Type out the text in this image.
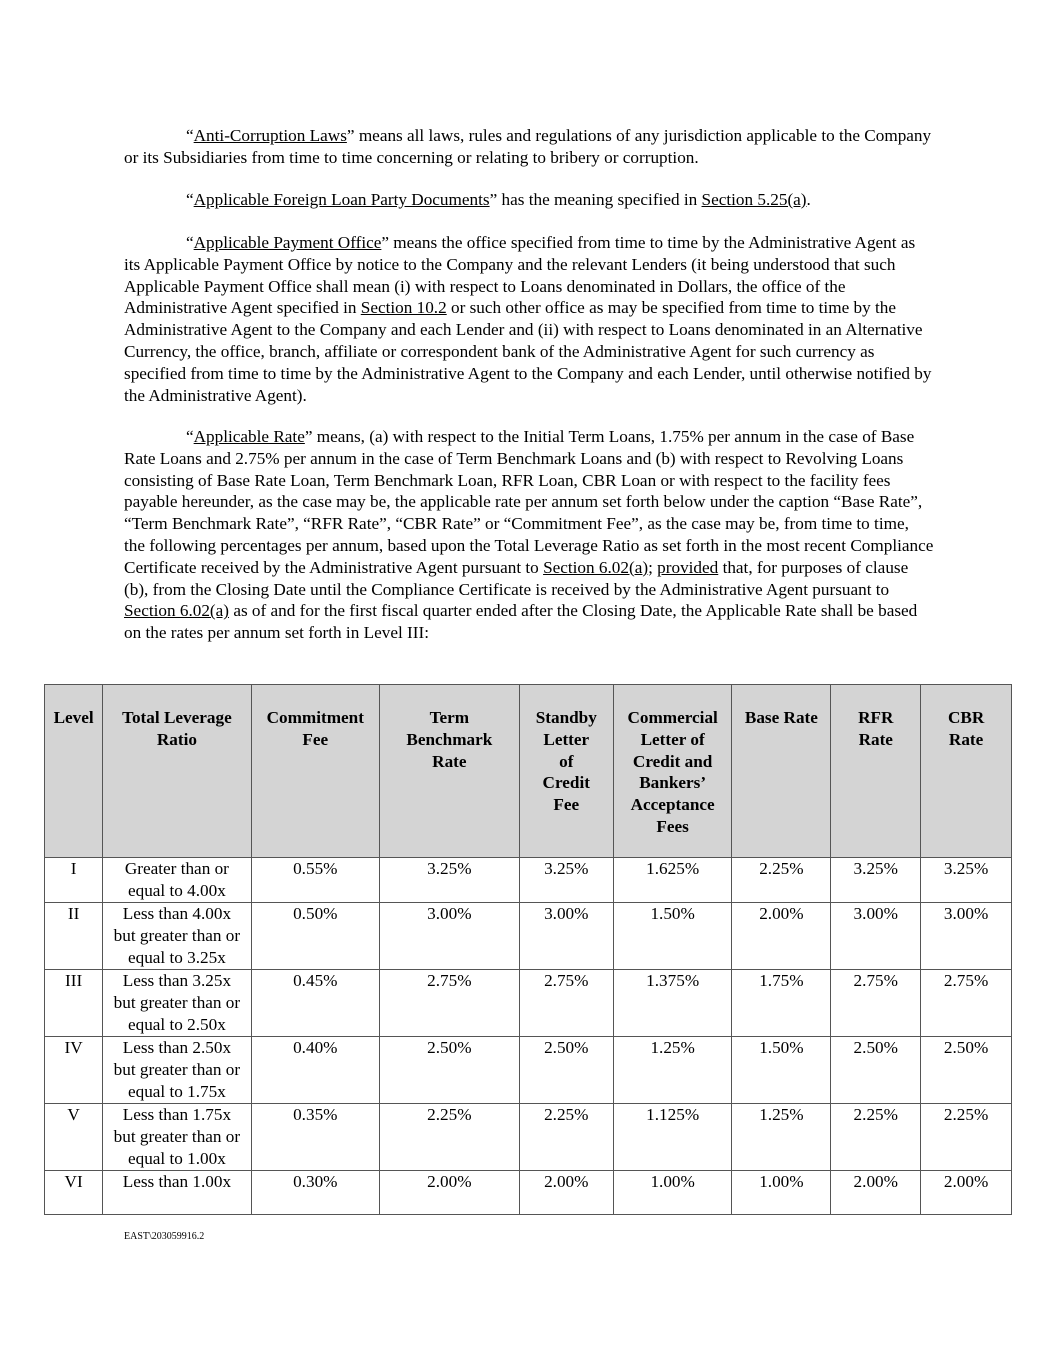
“Anti-Corruption Laws” means all laws, rules and regulations of any jurisdiction applicable to the Company or its Subsidiaries from time to time concerning or relating to bribery or corruption.

“Applicable Foreign Loan Party Documents” has the meaning specified in Section 5.25(a).

“Applicable Payment Office” means the office specified from time to time by the Administrative Agent as its Applicable Payment Office by notice to the Company and the relevant Lenders (it being understood that such Applicable Payment Office shall mean (i) with respect to Loans denominated in Dollars, the office of the Administrative Agent specified in Section 10.2 or such other office as may be specified from time to time by the Administrative Agent to the Company and each Lender and (ii) with respect to Loans denominated in an Alternative Currency, the office, branch, affiliate or correspondent bank of the Administrative Agent for such currency as specified from time to time by the Administrative Agent to the Company and each Lender, until otherwise notified by the Administrative Agent).

“Applicable Rate” means, (a) with respect to the Initial Term Loans, 1.75% per annum in the case of Base Rate Loans and 2.75% per annum in the case of Term Benchmark Loans and (b) with respect to Revolving Loans consisting of Base Rate Loan, Term Benchmark Loan, RFR Loan, CBR Loan or with respect to the facility fees payable hereunder, as the case may be, the applicable rate per annum set forth below under the caption “Base Rate”, “Term Benchmark Rate”, “RFR Rate”, “CBR Rate” or “Commitment Fee”, as the case may be, from time to time, the following percentages per annum, based upon the Total Leverage Ratio as set forth in the most recent Compliance Certificate received by the Administrative Agent pursuant to Section 6.02(a); provided that, for purposes of clause (b), from the Closing Date until the Compliance Certificate is received by the Administrative Agent pursuant to Section 6.02(a) as of and for the first fiscal quarter ended after the Closing Date, the Applicable Rate shall be based on the rates per annum set forth in Level III:

Level	Total Leverage Ratio	Commitment Fee	Term Benchmark Rate	Standby Letter of Credit Fee	Commercial Letter of Credit and Bankers’ Acceptance Fees	Base Rate	RFR Rate	CBR Rate
I	Greater than or equal to 4.00x	0.55%	3.25%	3.25%	1.625%	2.25%	3.25%	3.25%
II	Less than 4.00x but greater than or equal to 3.25x	0.50%	3.00%	3.00%	1.50%	2.00%	3.00%	3.00%
III	Less than 3.25x but greater than or equal to 2.50x	0.45%	2.75%	2.75%	1.375%	1.75%	2.75%	2.75%
IV	Less than 2.50x but greater than or equal to 1.75x	0.40%	2.50%	2.50%	1.25%	1.50%	2.50%	2.50%
V	Less than 1.75x but greater than or equal to 1.00x	0.35%	2.25%	2.25%	1.125%	1.25%	2.25%	2.25%
VI	Less than 1.00x	0.30%	2.00%	2.00%	1.00%	1.00%	2.00%	2.00%
EAST\203059916.2
